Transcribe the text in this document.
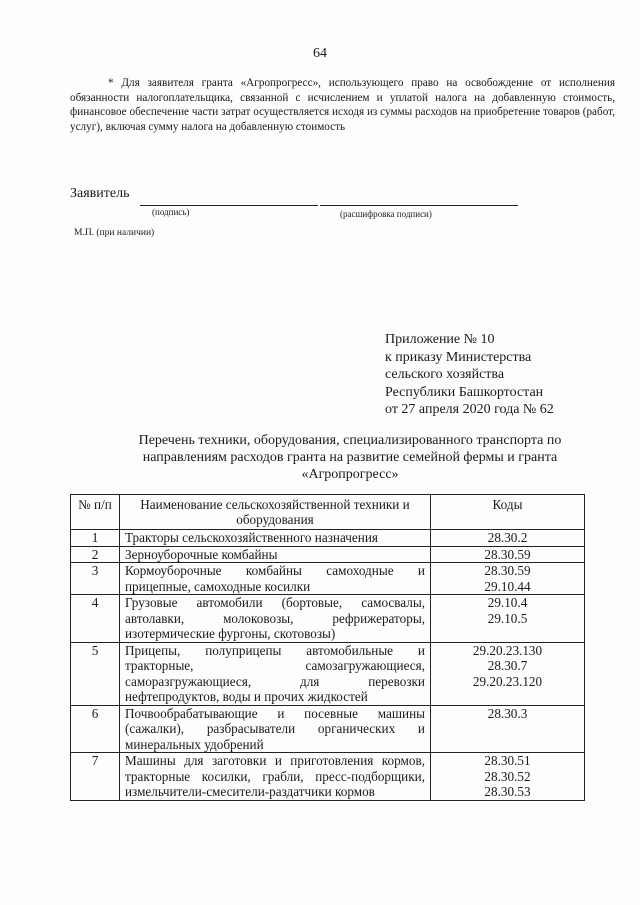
64
* Для заявителя гранта «Агропрогресс», использующего право на освобождение от исполнения обязанности налогоплательщика, связанной с исчислением и уплатой налога на добавленную стоимость, финансовое обеспечение части затрат осуществляется исходя из суммы расходов на приобретение товаров (работ, услуг), включая сумму налога на добавленную стоимость
Заявитель
(подпись)	(расшифровка подписи)
М.П. (при наличии)
Приложение № 10
к приказу Министерства
сельского хозяйства
Республики Башкортостан
от 27 апреля 2020 года № 62
Перечень техники, оборудования, специализированного транспорта по
направлениям расходов гранта на развитие семейной фермы и гранта
«Агропрогресс»
№ п/п	Наименование сельскохозяйственной техники и оборудования	Коды
1	Тракторы сельскохозяйственного назначения	28.30.2

2	Зерноуборочные комбайны	28.30.59

3	Кормоуборочные комбайны самоходные и прицепные, самоходные косилки	28.30.59
29.10.44

4	Грузовые автомобили (бортовые, самосвалы, автолавки, молоковозы, рефрижераторы, изотермические фургоны, скотовозы)	29.10.4
29.10.5

5	Прицепы, полуприцепы автомобильные и тракторные, самозагружающиеся, саморазгружающиеся, для перевозки нефтепродуктов, воды и прочих жидкостей	29.20.23.130
28.30.7
29.20.23.120

6	Почвообрабатывающие и посевные машины (сажалки), разбрасыватели органических и минеральных удобрений	28.30.3

7	Машины для заготовки и приготовления кормов, тракторные косилки, грабли, пресс-подборщики, измельчители-смесители-раздатчики кормов	28.30.51
28.30.52
28.30.53
